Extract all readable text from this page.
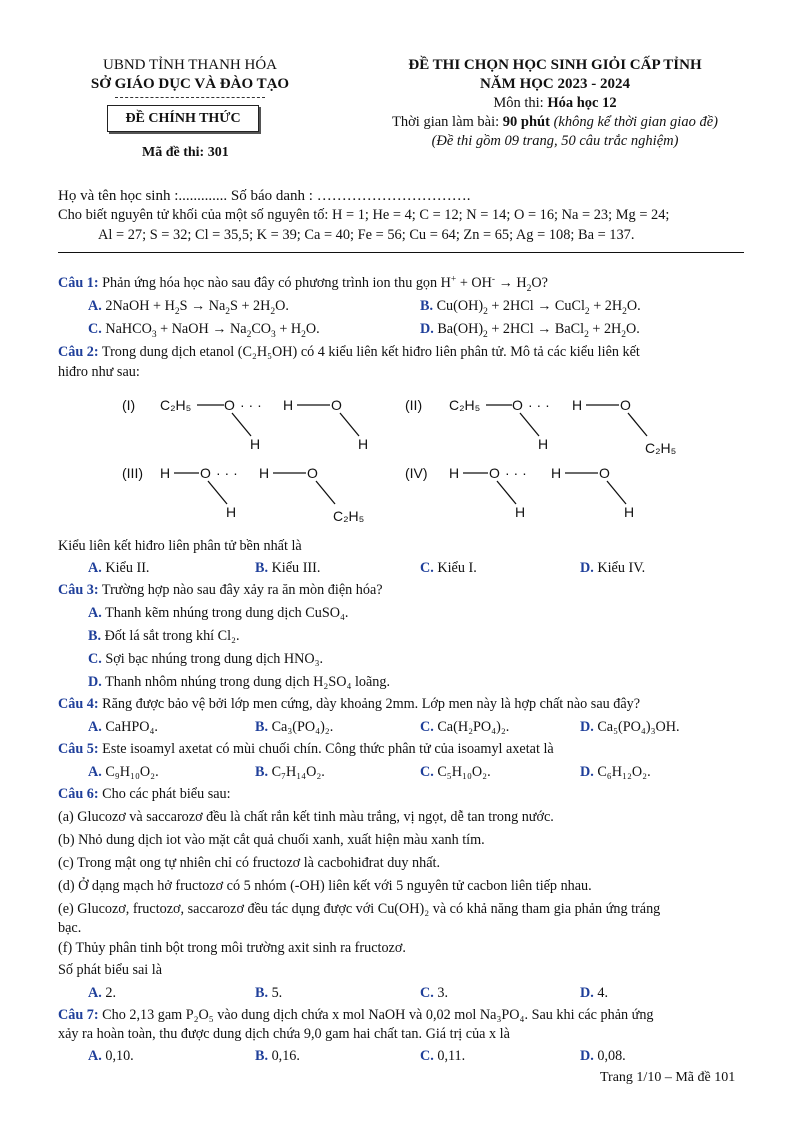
UBND TỈNH THANH HÓA
SỞ GIÁO DỤC VÀ ĐÀO TẠO
ĐỀ CHÍNH THỨC
Mã đề thi: 301
ĐỀ THI CHỌN HỌC SINH GIỎI CẤP TỈNH
NĂM HỌC 2023 - 2024
Môn thi: Hóa học 12
Thời gian làm bài: 90 phút (không kể thời gian giao đề)
(Đề thi gồm 09 trang, 50 câu trắc nghiệm)
Họ và tên học sinh :............. Số báo danh : ………………………….
Cho biết nguyên tử khối của một số nguyên tố: H = 1; He = 4; C = 12; N = 14; O = 16; Na = 23; Mg = 24;
Al = 27; S = 32; Cl = 35,5; K = 39; Ca = 40; Fe = 56; Cu = 64; Zn = 65; Ag = 108; Ba = 137.
Câu 1: Phản ứng hóa học nào sau đây có phương trình ion thu gọn $H^+ + OH^- \to H_2O$?
A. 2NaOH + $H_2S \to Na_2S + 2H_2O$.	B. $Cu(OH)_2 + 2HCl$ → CuCl$_2$ + $2H_2O$.
C. NaHCO$_3$ + NaOH → $Na_2CO_3 + H_2O$.	D. $Ba(OH)_2 + 2HCl$ → BaCl$_2$ + $2H_2O$.
Câu 2: Trong dung dịch etanol (C₂H₅OH) có 4 kiểu liên kết hiđro liên phân tử. Mô tả các kiểu liên kết
hiđro như sau:
(I) C₂H₅ O · · · H	O
H	H
(II) C₂H₅ O · · · H	O
H	C₂H₅
(III) H O · · · H	O
H	C₂H₅
(IV) H O · · · H	O
H	H
Kiểu liên kết hiđro liên phân tử bền nhất là
A. Kiểu II.	B. Kiểu III.	C. Kiểu I.	D. Kiểu IV.
Câu 3: Trường hợp nào sau đây xảy ra ăn mòn điện hóa?
A. Thanh kẽm nhúng trong dung dịch CuSO₄.
B. Đốt lá sắt trong khí Cl₂.
C. Sợi bạc nhúng trong dung dịch HNO₃.
D. Thanh nhôm nhúng trong dung dịch H₂SO₄ loãng.
Câu 4: Răng được bảo vệ bởi lớp men cứng, dày khoảng 2mm. Lớp men này là hợp chất nào sau đây?
A. CaHPO₄.	B. Ca₃(PO₄)₂.	C. Ca(H₂PO₄)₂.	D. Ca₅(PO₄)₃OH.
Câu 5: Este isoamyl axetat có mùi chuối chín. Công thức phân tử của isoamyl axetat là
A. C₉H₁₀O₂.	B. C₇H₁₄O₂.	C. C₅H₁₀O₂.	D. C₆H₁₂O₂.
Câu 6: Cho các phát biểu sau:
(a) Glucozơ và saccarozơ đều là chất rắn kết tinh màu trắng, vị ngọt, dễ tan trong nước.
(b) Nhỏ dung dịch iot vào mặt cắt quả chuối xanh, xuất hiện màu xanh tím.
(c) Trong mật ong tự nhiên chỉ có fructozơ là cacbohiđrat duy nhất.
(d) Ở dạng mạch hở fructozơ có 5 nhóm (-OH) liên kết với 5 nguyên tử cacbon liên tiếp nhau.
(e) Glucozơ, fructozơ, saccarozơ đều tác dụng được với Cu(OH)₂ và có khả năng tham gia phản ứng tráng
bạc.
(f) Thủy phân tinh bột trong môi trường axit sinh ra fructozơ.
Số phát biểu sai là
A. 2.	B. 5.	C. 3.	D. 4.
Câu 7: Cho 2,13 gam P₂O₅ vào dung dịch chứa x mol NaOH và 0,02 mol Na₃PO₄. Sau khi các phản ứng
xảy ra hoàn toàn, thu được dung dịch chứa 9,0 gam hai chất tan. Giá trị của x là
A. 0,10.	B. 0,16.	C. 0,11.	D. 0,08.
Trang 1/10 – Mã đề 101
